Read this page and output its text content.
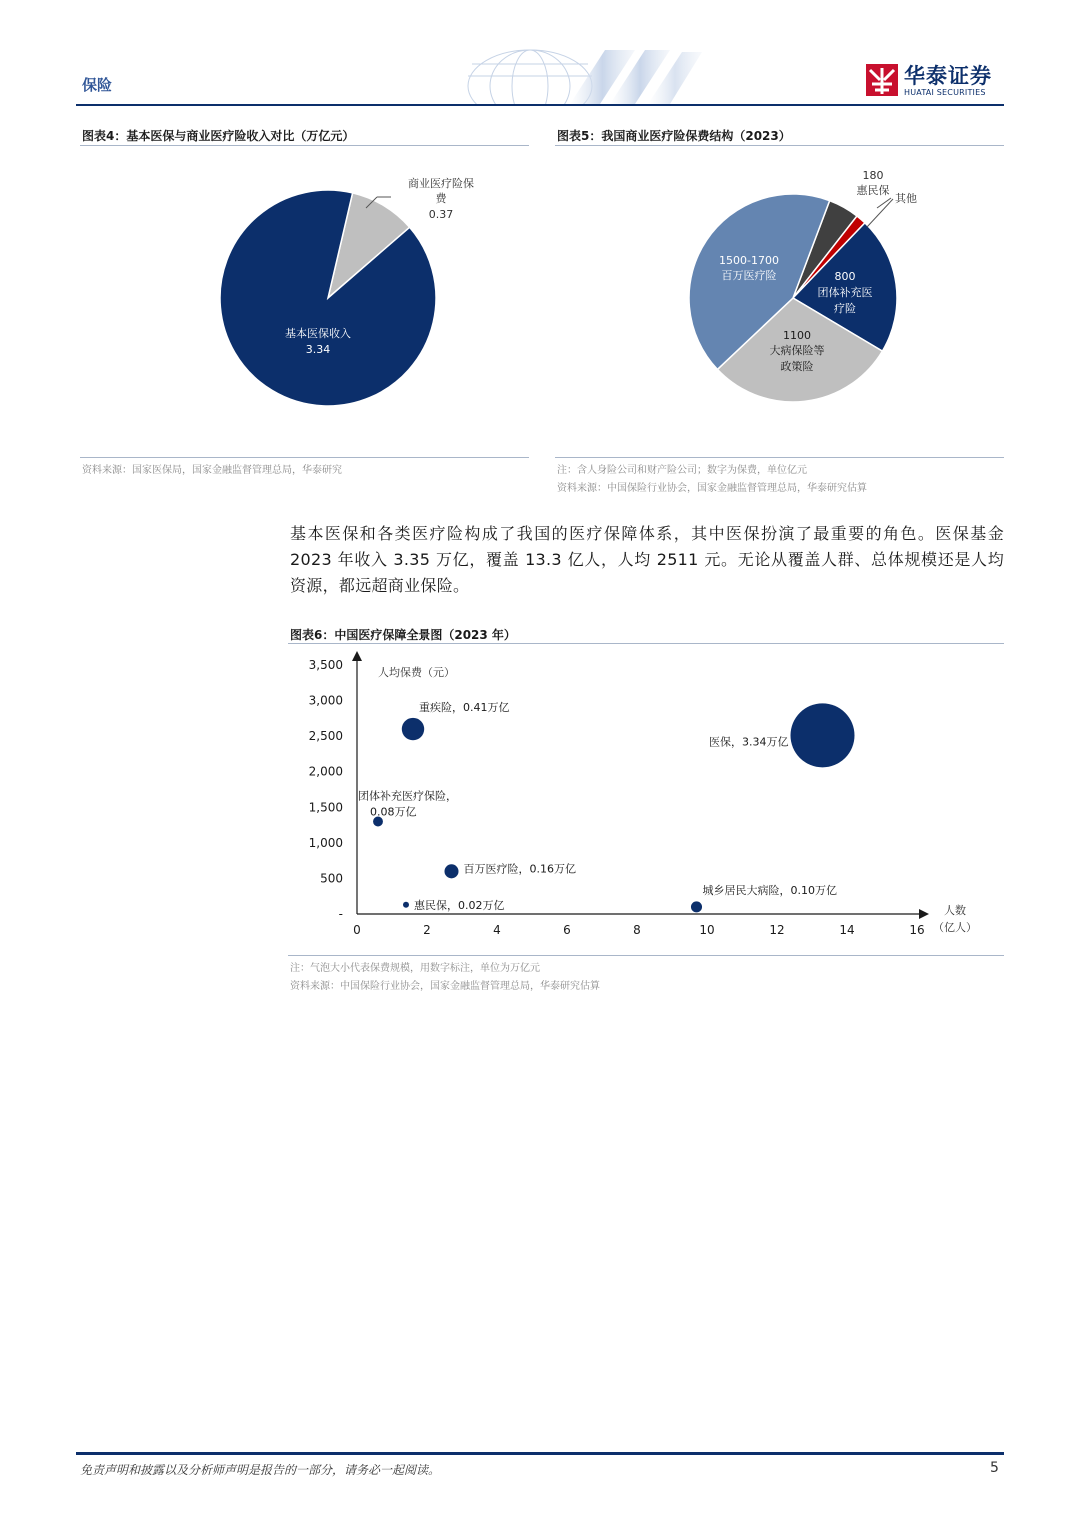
保险	华泰证券
HUATAI SECURITIES
图表4：基本医保与商业医疗险收入对比（万亿元）
商业医疗险保
费
0.37
基本医保收入
3.34
资料来源：国家医保局，国家金融监督管理总局，华泰研究
图表5：我国商业医疗险保费结构（2023）
1500-1700
百万医疗险	800
团体补充医
疗险
1100
大病保险等
政策险
180
惠民保
其他
注：含人身险公司和财产险公司；数字为保费，单位亿元
资料来源：中国保险行业协会，国家金融监督管理总局，华泰研究估算
基本医保和各类医疗险构成了我国的医疗保障体系，其中医保扮演了最重要的角色。医保基金 2023 年收入 3.35 万亿，覆盖 13.3 亿人，人均 2511 元。无论从覆盖人群、总体规模还是人均资源，都远超商业保险。
图表6：中国医疗保障全景图（2023 年）
0	2	4	6	8	10	12	14	16
-
500
1,000
1,500
2,000
2,500
3,000
3,500
重疾险，0.41万亿
医保，3.34万亿
团体补充医疗保险，
0.08万亿
百万医疗险，0.16万亿
惠民保，0.02万亿
城乡居民大病险，0.10万亿
人均保费（元）
人数
（亿人）
注：气泡大小代表保费规模，用数字标注，单位为万亿元
资料来源：中国保险行业协会，国家金融监督管理总局，华泰研究估算
免责声明和披露以及分析师声明是报告的一部分，请务必一起阅读。	5
